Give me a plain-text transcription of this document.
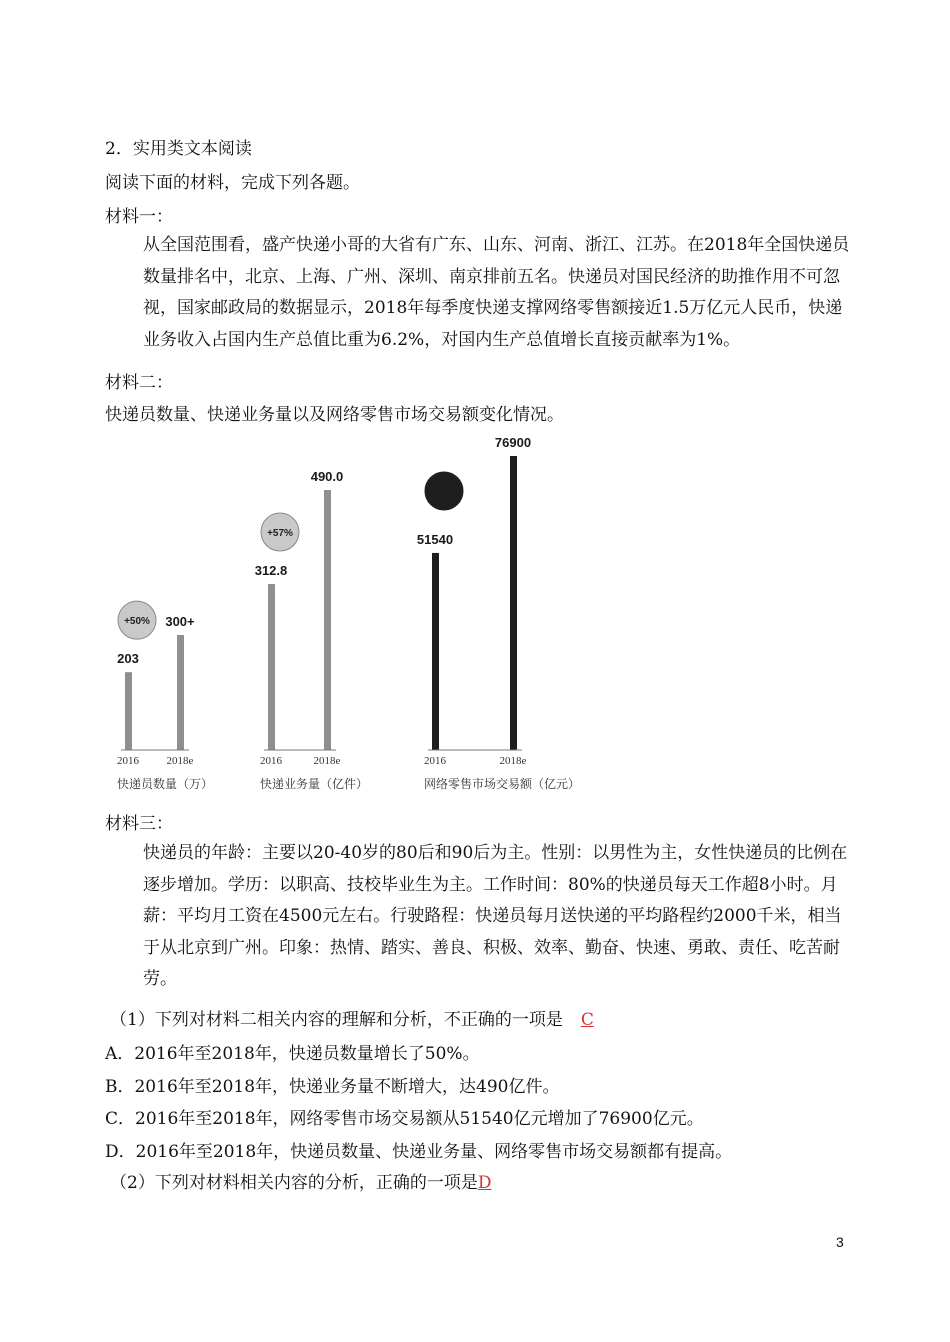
2．实用类文本阅读
阅读下面的材料，完成下列各题。
材料一：
从全国范围看，盛产快递小哥的大省有广东、山东、河南、浙江、江苏。在2018年全国快递员数量排名中，北京、上海、广州、深圳、南京排前五名。快递员对国民经济的助推作用不可忽视，国家邮政局的数据显示，2018年每季度快递支撑网络零售额接近1.5万亿元人民币，快递业务收入占国内生产总值比重为6.2%，对国内生产总值增长直接贡献率为1%。
材料二：
快递员数量、快递业务量以及网络零售市场交易额变化情况。
203
2016
300+
2018e
+50%
快递员数量（万）
312.8
2016
490.0
2018e
+57%
快递业务量（亿件）
51540
2016
76900
2018e
网络零售市场交易额（亿元）
材料三：
快递员的年龄：主要以20-40岁的80后和90后为主。性别：以男性为主，女性快递员的比例在逐步增加。学历：以职高、技校毕业生为主。工作时间：80%的快递员每天工作超8小时。月薪：平均月工资在4500元左右。行驶路程：快递员每月送快递的平均路程约2000千米，相当于从北京到广州。印象：热情、踏实、善良、积极、效率、勤奋、快速、勇敢、责任、吃苦耐劳。
（1）下列对材料二相关内容的理解和分析，不正确的一项是 C
A．2016年至2018年，快递员数量增长了50%。
B．2016年至2018年，快递业务量不断增大，达490亿件。
C．2016年至2018年，网络零售市场交易额从51540亿元增加了76900亿元。
D．2016年至2018年，快递员数量、快递业务量、网络零售市场交易额都有提高。
（2）下列对材料相关内容的分析，正确的一项是D
3
